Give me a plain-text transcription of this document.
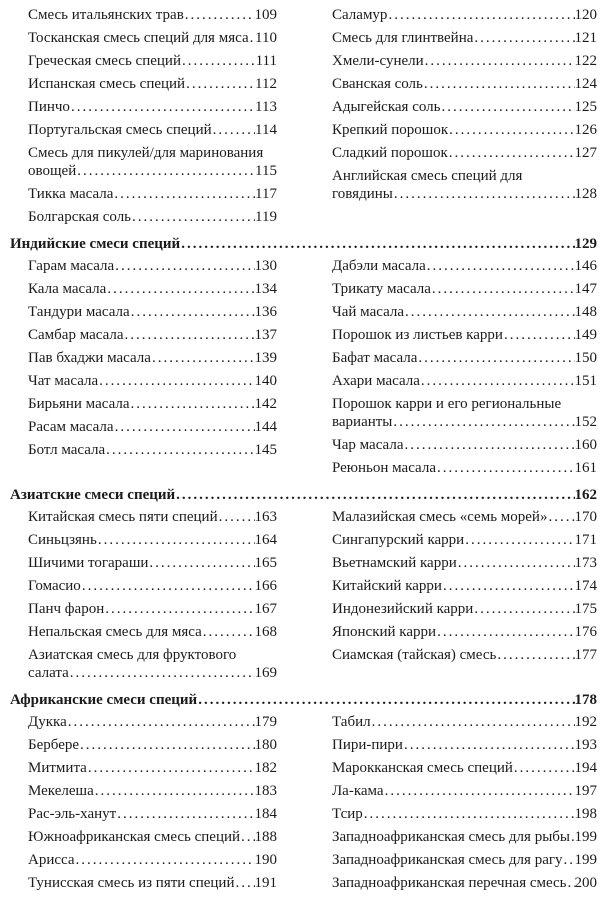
Смесь итальянских трав .....	109
Тосканская смесь специй для мяса ..... 110
Греческая смесь специй .....	111
Испанская смесь специй .....	112
Пинчо .....	113
Португальская смесь специй .....	114
Смесь для пикулей/для маринования
овощей .....	115
Тикка масала .....	117
Болгарская соль .....	119
Саламур .....	120
Смесь для глинтвейна .....	121
Хмели-сунели .....	122
Сванская соль .....	124
Адыгейская соль .....	125
Крепкий порошок .....	126
Сладкий порошок .....	127
Английская смесь специй для
говядины .....	128
Индийские смеси специй .....	129
Гарам масала .....	130
Кала масала .....	134
Тандури масала .....	136
Самбар масала .....	137
Пав бхаджи масала .....	139
Чат масала .....	140
Бирьяни масала .....	142
Расам масала .....	144
Ботл масала .....	145
Дабэли масала .....	146
Трикату масала .....	147
Чай масала .....	148
Порошок из листьев карри .....	149
Бафат масала .....	150
Ахари масала .....	151
Порошок карри и его региональные
варианты .....	152
Чар масала .....	160
Реюньон масала .....	161
Азиатские смеси специй .....	162
Китайская смесь пяти специй ..... 163
Синьцзянь .....	164
Шичими тогараши .....	165
Гомасио .....	166
Панч фарон .....	167
Непальская смесь для мяса .....	168
Азиатская смесь для фруктового
салата .....	169
Малазийская смесь «семь морей» ..... 170
Сингапурский карри .....	171
Вьетнамский карри .....	173
Китайский карри .....	174
Индонезийский карри .....	175
Японский карри .....	176
Сиамская (тайская) смесь .....	177
Африканские смеси специй .....	178
Дукка .....	179
Бербере .....	180
Митмита .....	182
Мекелеша .....	183
Рас-эль-ханут .....	184
Южноафриканская смесь специй ..... 188
Арисса .....	190
Тунисская смесь из пяти специй ..... 191
Табил .....	192
Пири-пири .....	193
Марокканская смесь специй .....	194
Ла-кама .....	197
Тсир .....	198
Западноафриканская смесь для рыбы ..... 199
Западноафриканская смесь для рагу ..... 199
Западноафриканская перечная смесь ..... 200
